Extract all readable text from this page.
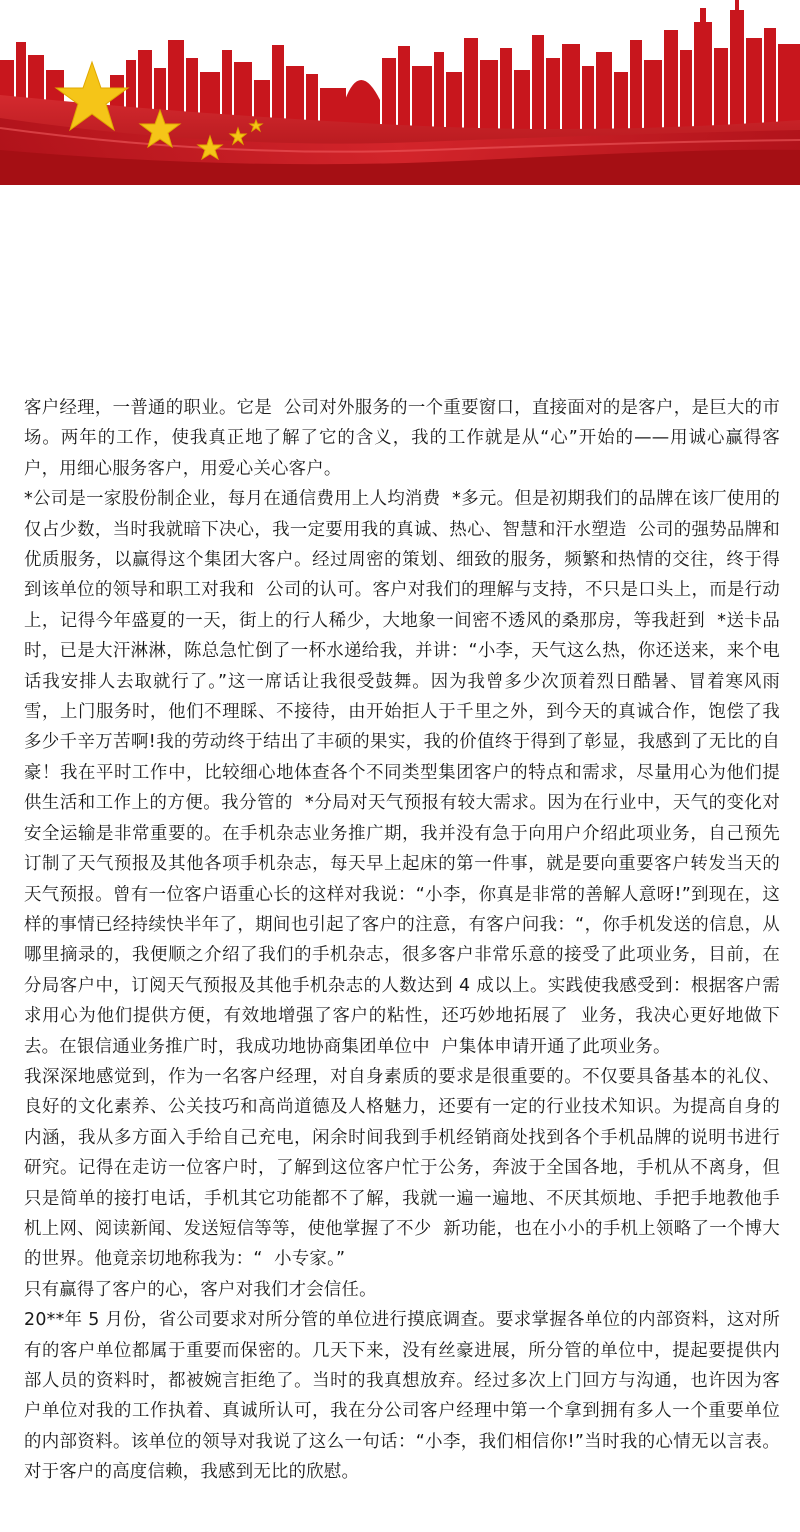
客户经理，一普通的职业。它是  公司对外服务的一个重要窗口，直接面对的是客户，是巨大的市场。两年的工作，使我真正地了解了它的含义，我的工作就是从“心”开始的——用诚心赢得客户，用细心服务客户，用爱心关心客户。

*公司是一家股份制企业，每月在通信费用上人均消费  *多元。但是初期我们的品牌在该厂使用的仅占少数，当时我就暗下决心，我一定要用我的真诚、热心、智慧和汗水塑造  公司的强势品牌和优质服务，以赢得这个集团大客户。经过周密的策划、细致的服务，频繁和热情的交往，终于得到该单位的领导和职工对我和  公司的认可。客户对我们的理解与支持，不只是口头上，而是行动上，记得今年盛夏的一天，街上的行人稀少，大地象一间密不透风的桑那房，等我赶到  *送卡品时，已是大汗淋淋，陈总急忙倒了一杯水递给我，并讲：“小李，天气这么热，你还送来，来个电话我安排人去取就行了。”这一席话让我很受鼓舞。因为我曾多少次顶着烈日酷暑、冒着寒风雨雪，上门服务时，他们不理睬、不接待，由开始拒人于千里之外，到今天的真诚合作，饱偿了我多少千辛万苦啊!我的劳动终于结出了丰硕的果实，我的价值终于得到了彰显，我感到了无比的自豪！我在平时工作中，比较细心地体查各个不同类型集团客户的特点和需求，尽量用心为他们提供生活和工作上的方便。我分管的  *分局对天气预报有较大需求。因为在行业中，天气的变化对安全运输是非常重要的。在手机杂志业务推广期，我并没有急于向用户介绍此项业务，自己预先订制了天气预报及其他各项手机杂志，每天早上起床的第一件事，就是要向重要客户转发当天的天气预报。曾有一位客户语重心长的这样对我说：“小李，你真是非常的善解人意呀!”到现在，这样的事情已经持续快半年了，期间也引起了客户的注意，有客户问我：“，你手机发送的信息，从哪里摘录的，我便顺之介绍了我们的手机杂志，很多客户非常乐意的接受了此项业务，目前，在分局客户中，订阅天气预报及其他手机杂志的人数达到 4 成以上。实践使我感受到：根据客户需求用心为他们提供方便，有效地增强了客户的粘性，还巧妙地拓展了  业务，我决心更好地做下去。在银信通业务推广时，我成功地协商集团单位中  户集体申请开通了此项业务。

我深深地感觉到，作为一名客户经理，对自身素质的要求是很重要的。不仅要具备基本的礼仪、良好的文化素养、公关技巧和高尚道德及人格魅力，还要有一定的行业技术知识。为提高自身的内涵，我从多方面入手给自己充电，闲余时间我到手机经销商处找到各个手机品牌的说明书进行研究。记得在走访一位客户时，了解到这位客户忙于公务，奔波于全国各地，手机从不离身，但只是简单的接打电话，手机其它功能都不了解，我就一遍一遍地、不厌其烦地、手把手地教他手机上网、阅读新闻、发送短信等等，使他掌握了不少  新功能，也在小小的手机上领略了一个博大的世界。他竟亲切地称我为：“  小专家。”

只有赢得了客户的心，客户对我们才会信任。

20**年 5 月份，省公司要求对所分管的单位进行摸底调查。要求掌握各单位的内部资料，这对所有的客户单位都属于重要而保密的。几天下来，没有丝豪进展，所分管的单位中，提起要提供内部人员的资料时，都被婉言拒绝了。当时的我真想放弃。经过多次上门回方与沟通，也许因为客户单位对我的工作执着、真诚所认可，我在分公司客户经理中第一个拿到拥有多人一个重要单位的内部资料。该单位的领导对我说了这么一句话：“小李，我们相信你!”当时我的心情无以言表。对于客户的高度信赖，我感到无比的欣慰。
